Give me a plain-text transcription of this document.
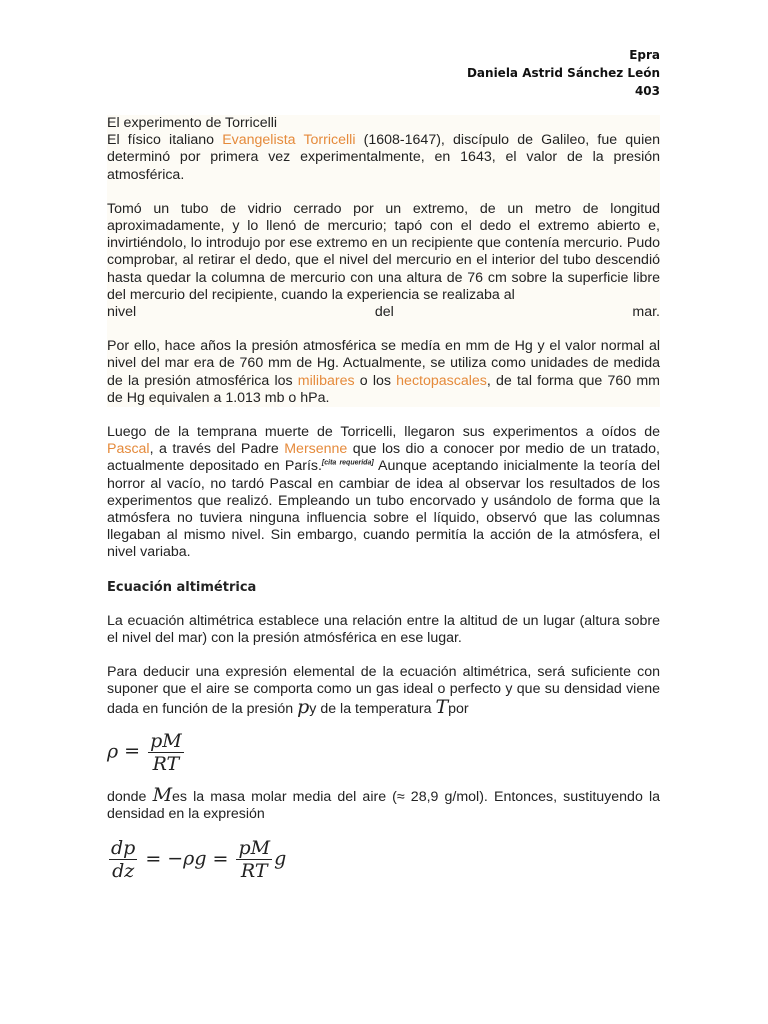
Epra
Daniela Astrid Sánchez León
403

El experimento de Torricelli

El físico italiano Evangelista Torricelli (1608-1647), discípulo de Galileo, fue quien determinó por primera vez experimentalmente, en 1643, el valor de la presión atmosférica.

Tomó un tubo de vidrio cerrado por un extremo, de un metro de longitud aproximadamente, y lo llenó de mercurio; tapó con el dedo el extremo abierto e, invirtiéndolo, lo introdujo por ese extremo en un recipiente que contenía mercurio. Pudo comprobar, al retirar el dedo, que el nivel del mercurio en el interior del tubo descendió hasta quedar la columna de mercurio con una altura de 76 cm sobre la superficie libre del mercurio del recipiente, cuando la experiencia se realizaba al

nivel del mar.

Por ello, hace años la presión atmosférica se medía en mm de Hg y el valor normal al nivel del mar era de 760 mm de Hg. Actualmente, se utiliza como unidades de medida de la presión atmosférica los milibares o los hectopascales, de tal forma que 760 mm de Hg equivalen a 1.013 mb o hPa.

Luego de la temprana muerte de Torricelli, llegaron sus experimentos a oídos de Pascal, a través del Padre Mersenne que los dio a conocer por medio de un tratado, actualmente depositado en París.[cita requerida] Aunque aceptando inicialmente la teoría del horror al vacío, no tardó Pascal en cambiar de idea al observar los resultados de los experimentos que realizó. Empleando un tubo encorvado y usándolo de forma que la atmósfera no tuviera ninguna influencia sobre el líquido, observó que las columnas llegaban al mismo nivel. Sin embargo, cuando permitía la acción de la atmósfera, el nivel variaba.

Ecuación altimétrica

La ecuación altimétrica establece una relación entre la altitud de un lugar (altura sobre el nivel del mar) con la presión atmósférica en ese lugar.

Para deducir una expresión elemental de la ecuación altimétrica, será suficiente con suponer que el aire se comporta como un gas ideal o perfecto y que su densidad viene dada en función de la presión py de la temperatura Tpor

$\rho = \frac{pM}{RT}$

donde Mes la masa molar media del aire (≈ 28,9 g/mol). Entonces, sustituyendo la densidad en la expresión

$\frac{dp}{dz} = -\rho g = \frac{pM}{RT}$ g
